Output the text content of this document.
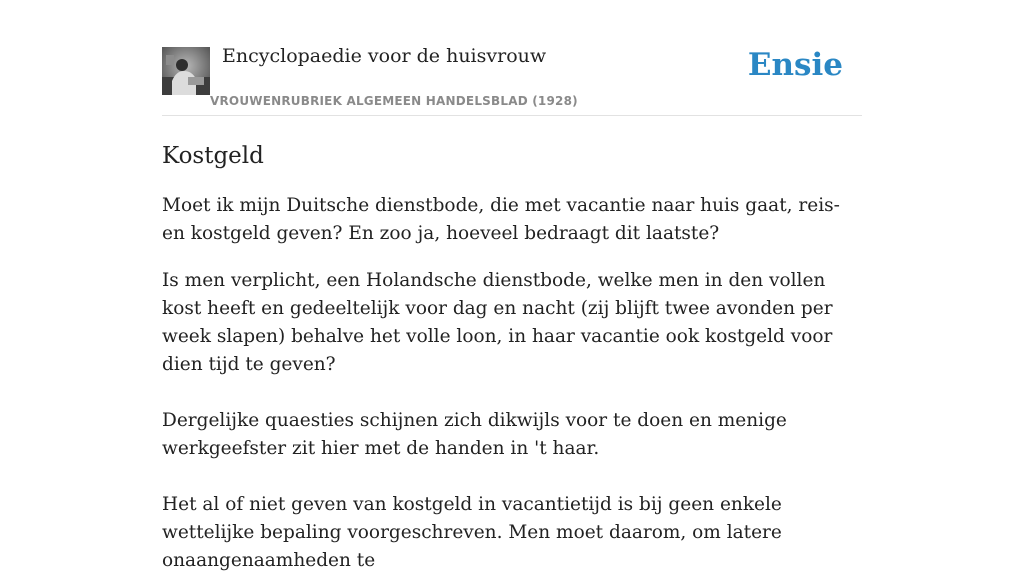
Encyclopaedie voor de huisvrouw
VROUWENRUBRIEK ALGEMEEN HANDELSBLAD (1928)
Ensie
Kostgeld

Moet ik mijn Duitsche dienstbode, die met vacantie naar huis gaat, reis- en kostgeld geven? En zoo ja, hoeveel bedraagt dit laatste?

Is men verplicht, een Holandsche dienstbode, welke men in den vollen kost heeft en gedeeltelijk voor dag en nacht (zij blijft twee avonden per week slapen) behalve het volle loon, in haar vacantie ook kostgeld voor dien tijd te geven?

Dergelijke quaesties schijnen zich dikwijls voor te doen en menige werkgeefster zit hier met de handen in 't haar.

Het al of niet geven van kostgeld in vacantietijd is bij geen enkele wettelijke bepaling voorgeschreven. Men moet daarom, om latere onaangenaamheden te
